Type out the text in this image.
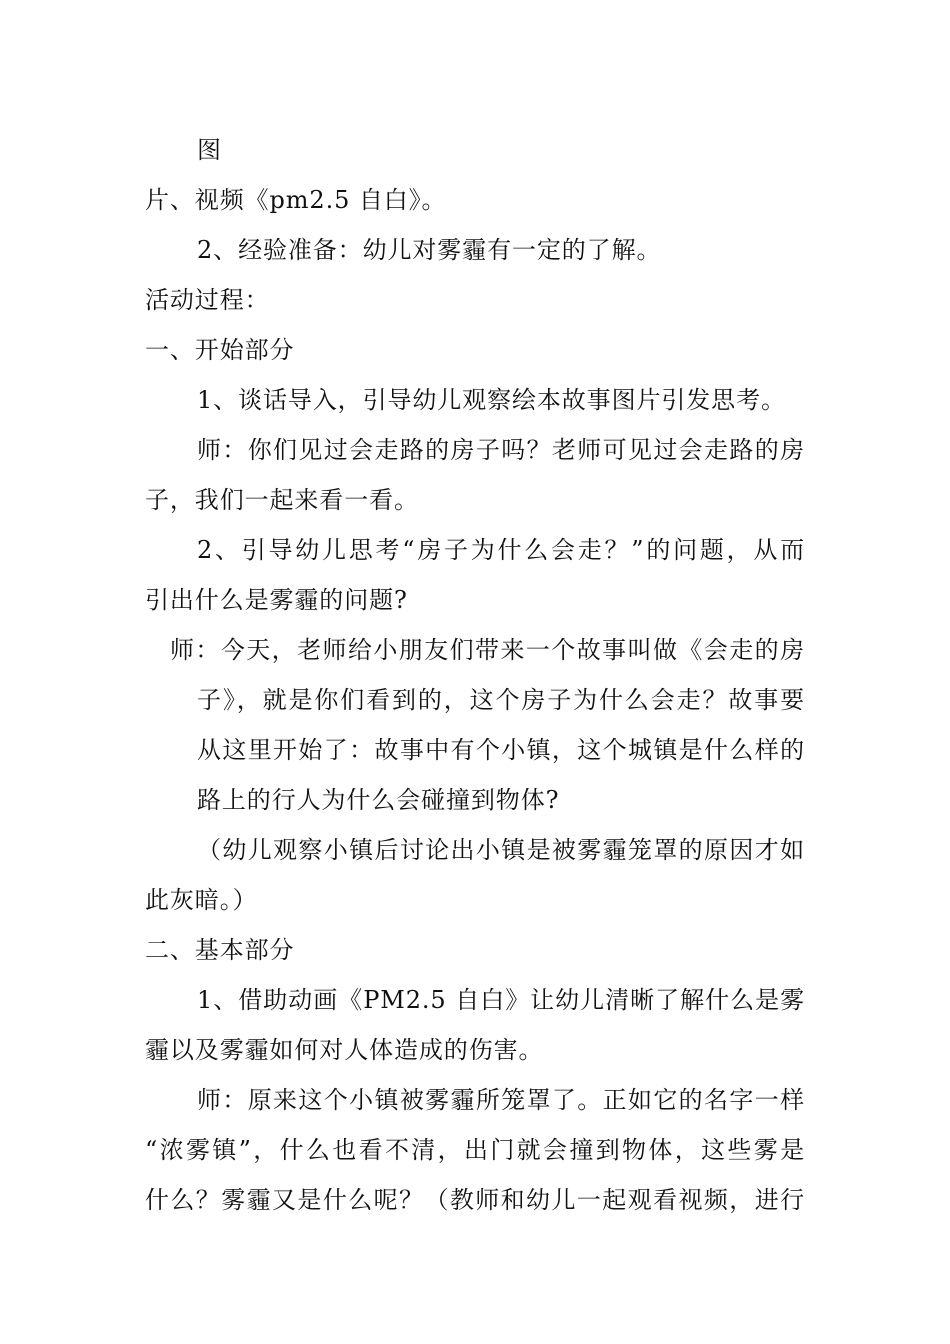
图
片、视频《pm2.5 自白》。
2、经验准备：幼儿对雾霾有一定的了解。
活动过程：
一、开始部分
1、谈话导入，引导幼儿观察绘本故事图片引发思考。
师：你们见过会走路的房子吗？老师可见过会走路的房
子，我们一起来看一看。
2、引导幼儿思考“房子为什么会走？”的问题，从而
引出什么是雾霾的问题?
师：今天，老师给小朋友们带来一个故事叫做《会走的房
子》，就是你们看到的，这个房子为什么会走？故事要
从这里开始了：故事中有个小镇，这个城镇是什么样的
路上的行人为什么会碰撞到物体?
（幼儿观察小镇后讨论出小镇是被雾霾笼罩的原因才如
此灰暗。）
二、基本部分
1、借助动画《PM2.5 自白》让幼儿清晰了解什么是雾
霾以及雾霾如何对人体造成的伤害。
师：原来这个小镇被雾霾所笼罩了。正如它的名字一样
“浓雾镇”，什么也看不清，出门就会撞到物体，这些雾是
什么？雾霾又是什么呢？（教师和幼儿一起观看视频，进行
